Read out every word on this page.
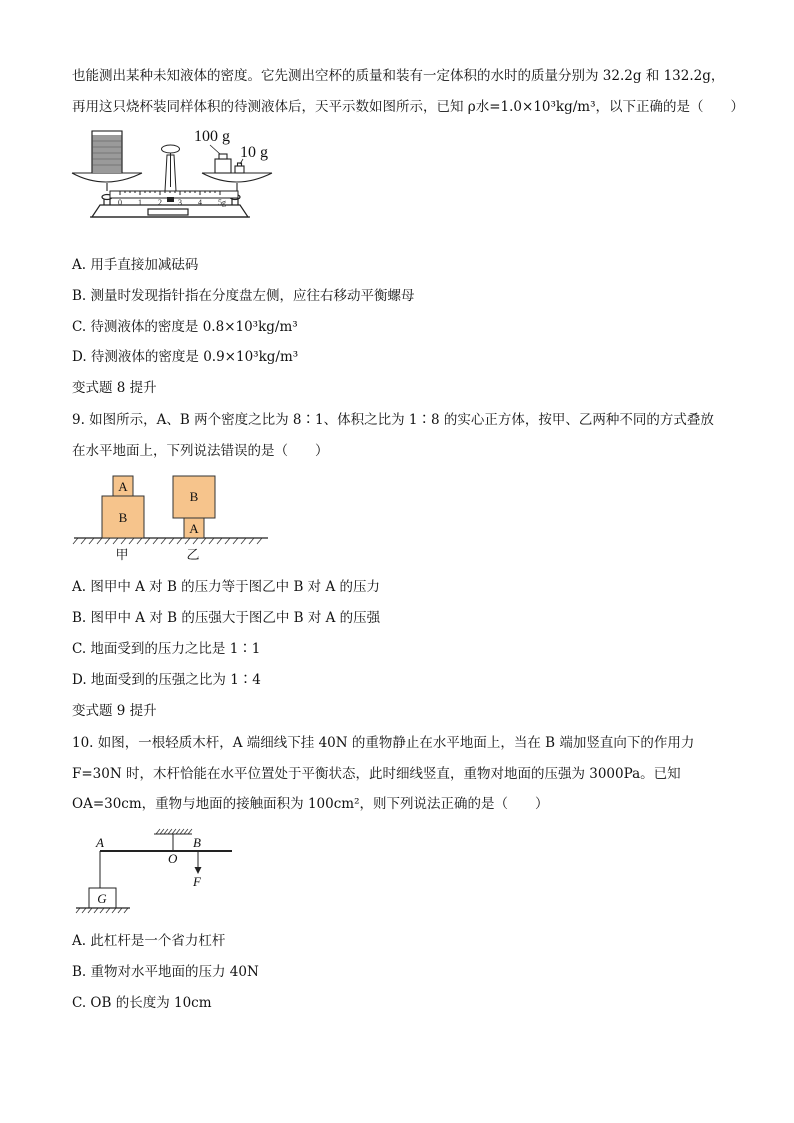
也能测出某种未知液体的密度。它先测出空杯的质量和装有一定体积的水时的质量分别为 32.2g 和 132.2g，
再用这只烧杯装同样体积的待测液体后，天平示数如图所示，已知 ρ水=1.0×10³kg/m³，以下正确的是（　　）
0 1 2 3 4 5g
100 g
10 g
A. 用手直接加减砝码
B. 测量时发现指针指在分度盘左侧，应往右移动平衡螺母
C. 待测液体的密度是 0.8×10³kg/m³
D. 待测液体的密度是 0.9×10³kg/m³
变式题 8 提升
9. 如图所示，A、B 两个密度之比为 8∶1、体积之比为 1∶8 的实心正方体，按甲、乙两种不同的方式叠放
在水平地面上，下列说法错误的是（　　）
A
B
B
A
甲	乙
A. 图甲中 A 对 B 的压力等于图乙中 B 对 A 的压力
B. 图甲中 A 对 B 的压强大于图乙中 B 对 A 的压强
C. 地面受到的压力之比是 1∶1
D. 地面受到的压强之比为 1∶4
变式题 9 提升
10. 如图，一根轻质木杆，A 端细线下挂 40N 的重物静止在水平地面上，当在 B 端加竖直向下的作用力
F=30N 时，木杆恰能在水平位置处于平衡状态，此时细线竖直，重物对地面的压强为 3000Pa。已知
OA=30cm，重物与地面的接触面积为 100cm²，则下列说法正确的是（　　）
G
A
O
B
F
A. 此杠杆是一个省力杠杆
B. 重物对水平地面的压力 40N
C. OB 的长度为 10cm
